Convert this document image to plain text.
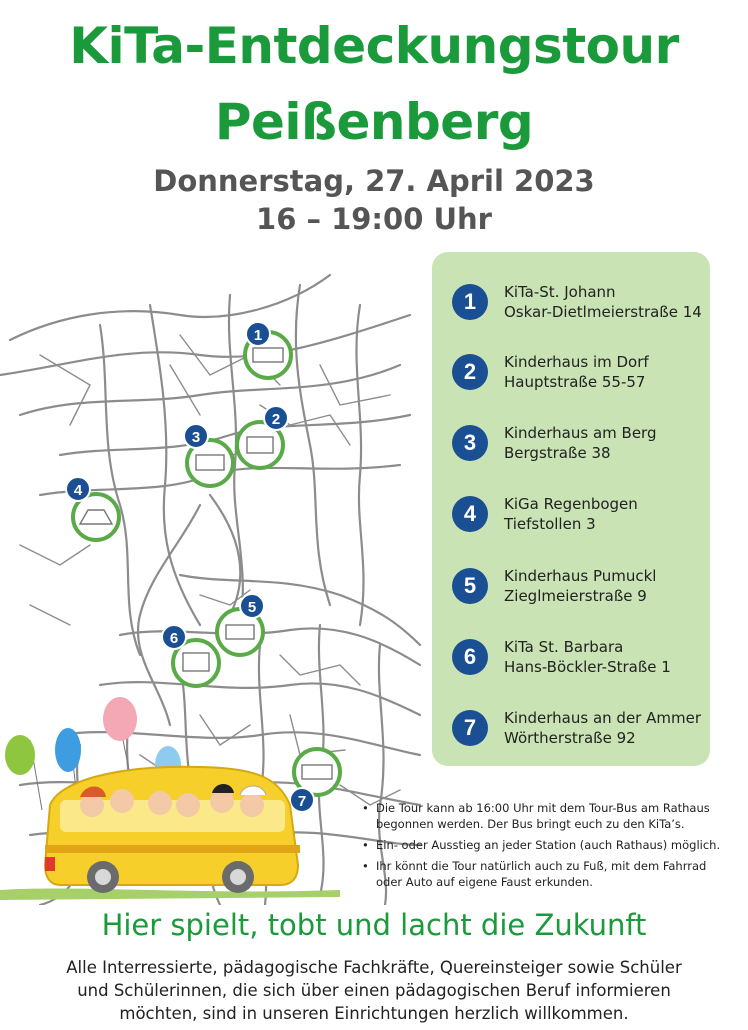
KiTa-Entdeckungstour
Peißenberg
Donnerstag, 27. April 2023
16 – 19:00 Uhr
1
2
3
4
5
6
7
1	KiTa-St. Johann
Oskar-Dietlmeierstraße 14
2	Kinderhaus im Dorf
Hauptstraße 55-57
3	Kinderhaus am Berg
Bergstraße 38
4	KiGa Regenbogen
Tiefstollen 3
5	Kinderhaus Pumuckl
Zieglmeierstraße 9
6	KiTa St. Barbara
Hans-Böckler-Straße 1
7	Kinderhaus an der Ammer
Wörtherstraße 92
• Die Tour kann ab 16:00 Uhr mit dem Tour-Bus am Rathaus begonnen werden. Der Bus bringt euch zu den KiTa’s.
• Ein- oder Ausstieg an jeder Station (auch Rathaus) möglich.
• Ihr könnt die Tour natürlich auch zu Fuß, mit dem Fahrrad oder Auto auf eigene Faust erkunden.
Hier spielt, tobt und lacht die Zukunft
Alle Interressierte, pädagogische Fachkräfte, Quereinsteiger sowie Schüler
und Schülerinnen, die sich über einen pädagogischen Beruf informieren
möchten, sind in unseren Einrichtungen herzlich willkommen.
